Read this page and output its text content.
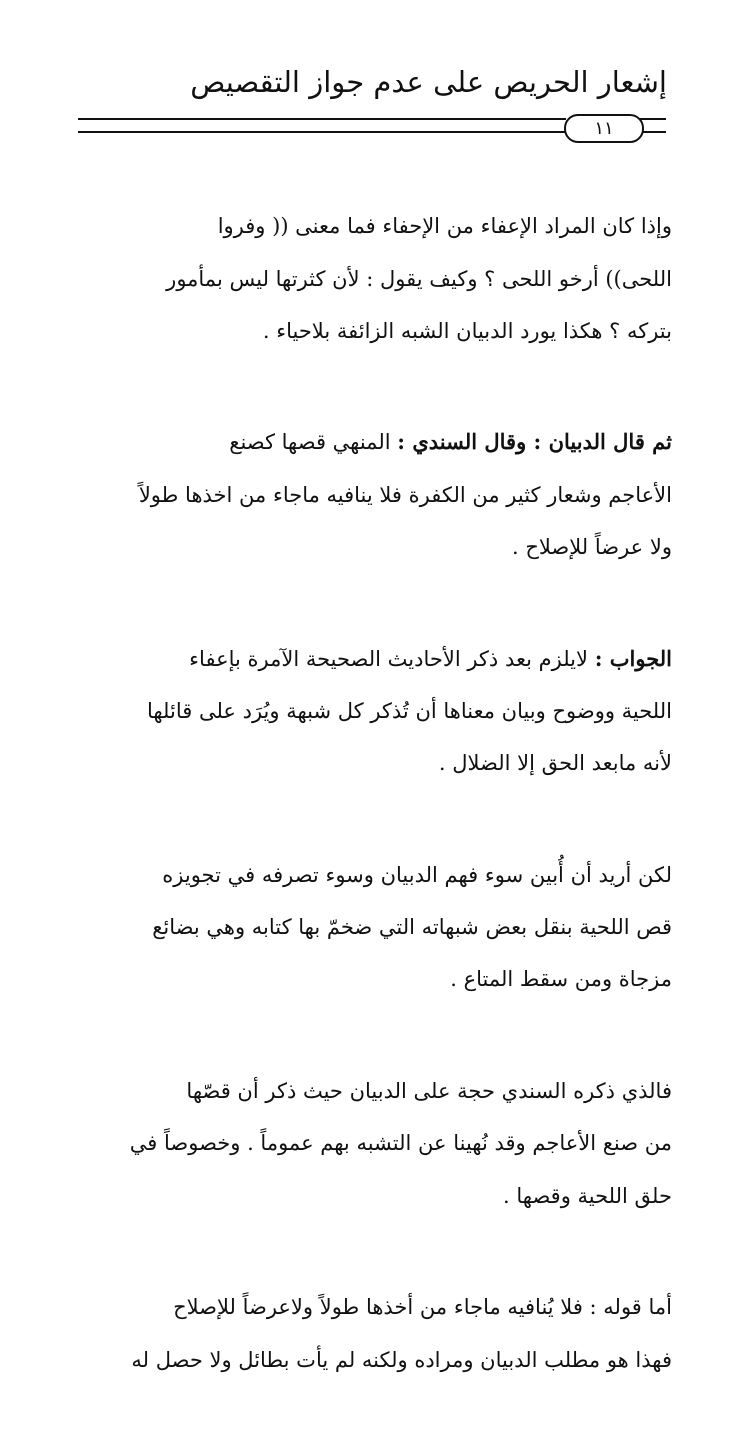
إشعار الحريص على عدم جواز التقصيص
١١

وإذا كان المراد الإعفاء من الإحفاء فما معنى (( وفروا
اللحى)) أرخو اللحى ؟ وكيف يقول : لأن كثرتها ليس بمأمور
بتركه ؟ هكذا يورد الدبيان الشبه الزائفة بلاحياء .

ثم قال الدبيان : وقال السندي : المنهي قصها كصنع
الأعاجم وشعار كثير من الكفرة فلا ينافيه ماجاء من اخذها طولاً
ولا عرضاً للإصلاح .

الجواب : لايلزم بعد ذكر الأحاديث الصحيحة الآمرة بإعفاء
اللحية ووضوح وبيان معناها أن تُذكر كل شبهة ويُرَد على قائلها
لأنه مابعد الحق إلا الضلال .

لكن أريد أن أُبين سوء فهم الدبيان وسوء تصرفه في تجويزه
قص اللحية بنقل بعض شبهاته التي ضخمّ بها كتابه وهي بضائع
مزجاة ومن سقط المتاع .

فالذي ذكره السندي حجة على الدبيان حيث ذكر أن قصّها
من صنع الأعاجم وقد نُهينا عن التشبه بهم عموماً . وخصوصاً في
حلق اللحية وقصها .

أما قوله : فلا يُنافيه ماجاء من أخذها طولاً ولاعرضاً للإصلاح
فهذا هو مطلب الدبيان ومراده ولكنه لم يأت بطائل ولا حصل له
